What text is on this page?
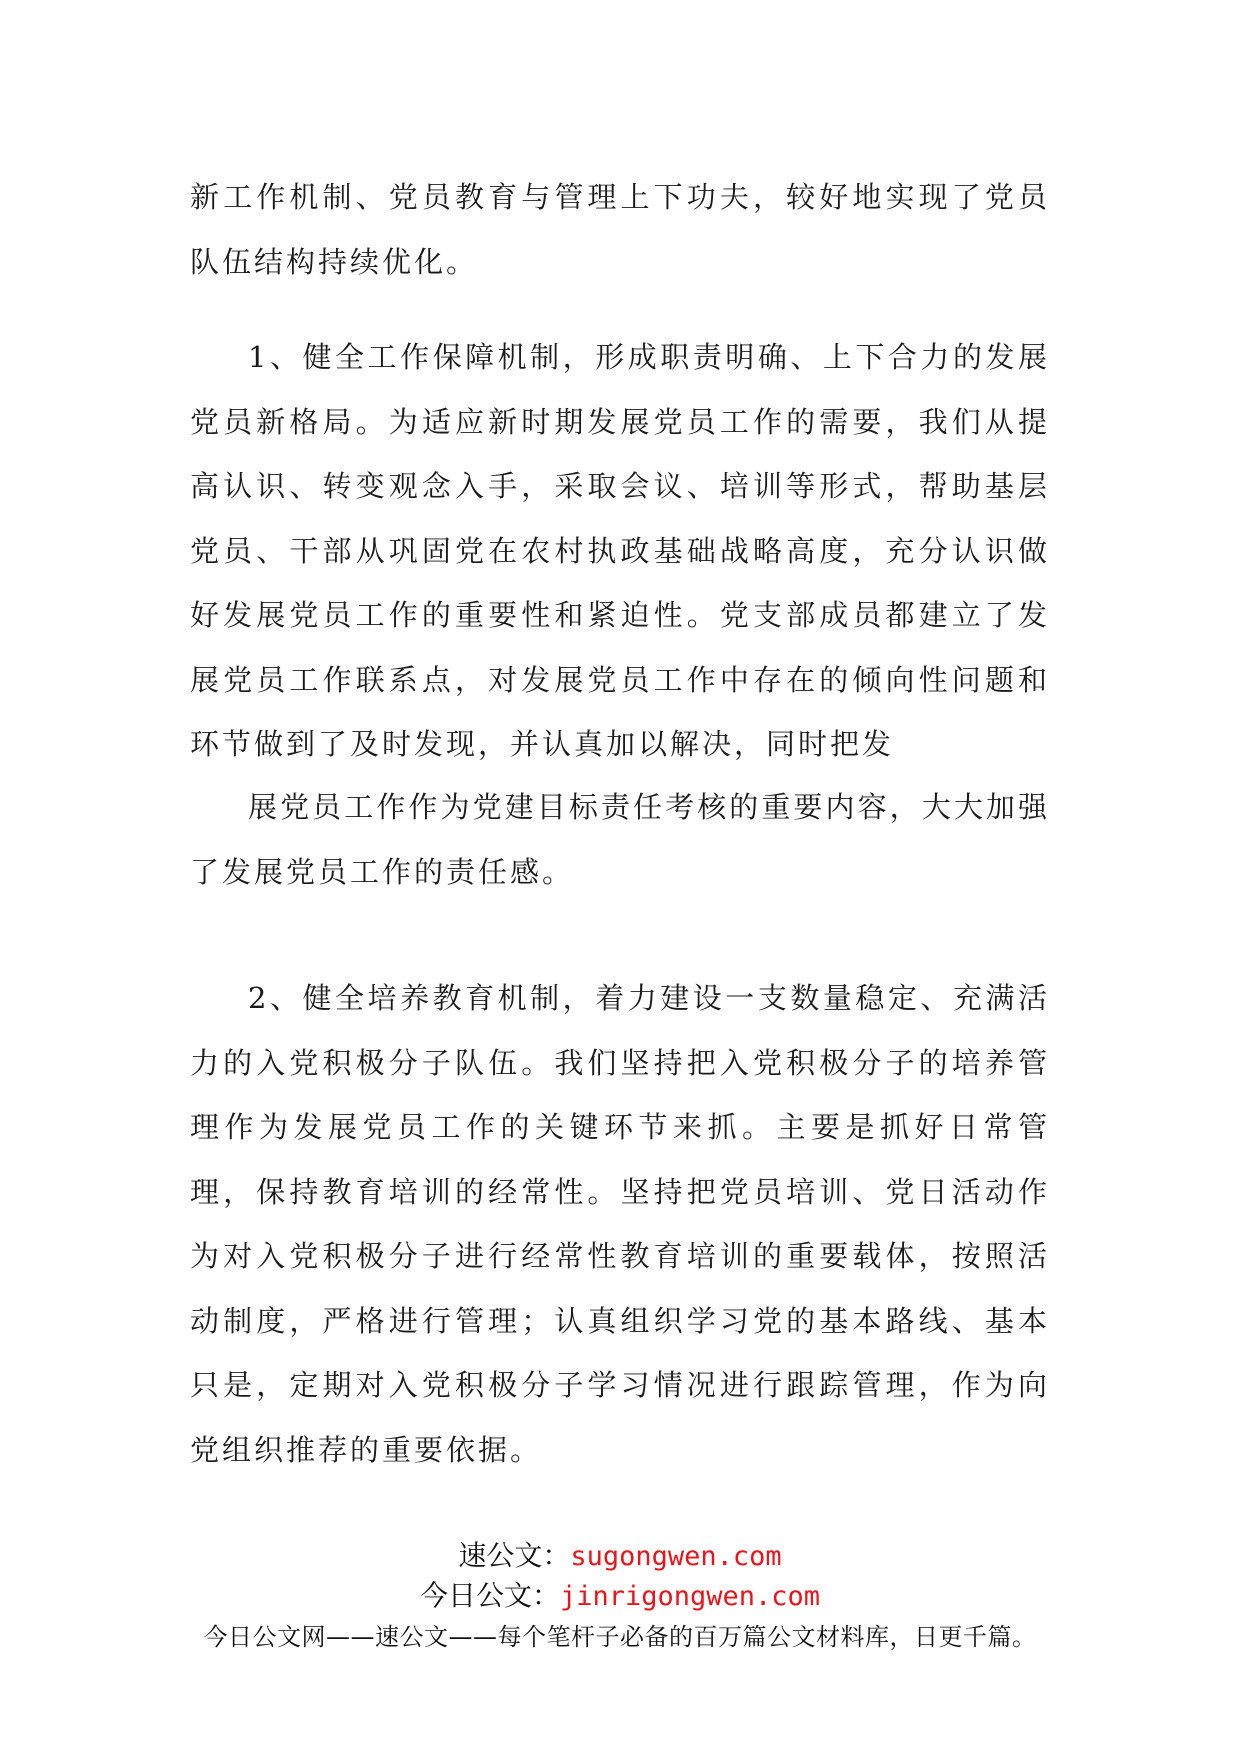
新工作机制、党员教育与管理上下功夫，较好地实现了党员队伍结构持续优化。

1、健全工作保障机制，形成职责明确、上下合力的发展党员新格局。为适应新时期发展党员工作的需要，我们从提高认识、转变观念入手，采取会议、培训等形式，帮助基层党员、干部从巩固党在农村执政基础战略高度，充分认识做好发展党员工作的重要性和紧迫性。党支部成员都建立了发展党员工作联系点，对发展党员工作中存在的倾向性问题和环节做到了及时发现，并认真加以解决，同时把发

展党员工作作为党建目标责任考核的重要内容，大大加强了发展党员工作的责任感。

2、健全培养教育机制，着力建设一支数量稳定、充满活力的入党积极分子队伍。我们坚持把入党积极分子的培养管理作为发展党员工作的关键环节来抓。主要是抓好日常管理，保持教育培训的经常性。坚持把党员培训、党日活动作为对入党积极分子进行经常性教育培训的重要载体，按照活动制度，严格进行管理；认真组织学习党的基本路线、基本只是，定期对入党积极分子学习情况进行跟踪管理，作为向党组织推荐的重要依据。

速公文：sugongwen.com
今日公文：jinrigongwen.com
今日公文网——速公文——每个笔杆子必备的百万篇公文材料库，日更千篇。
